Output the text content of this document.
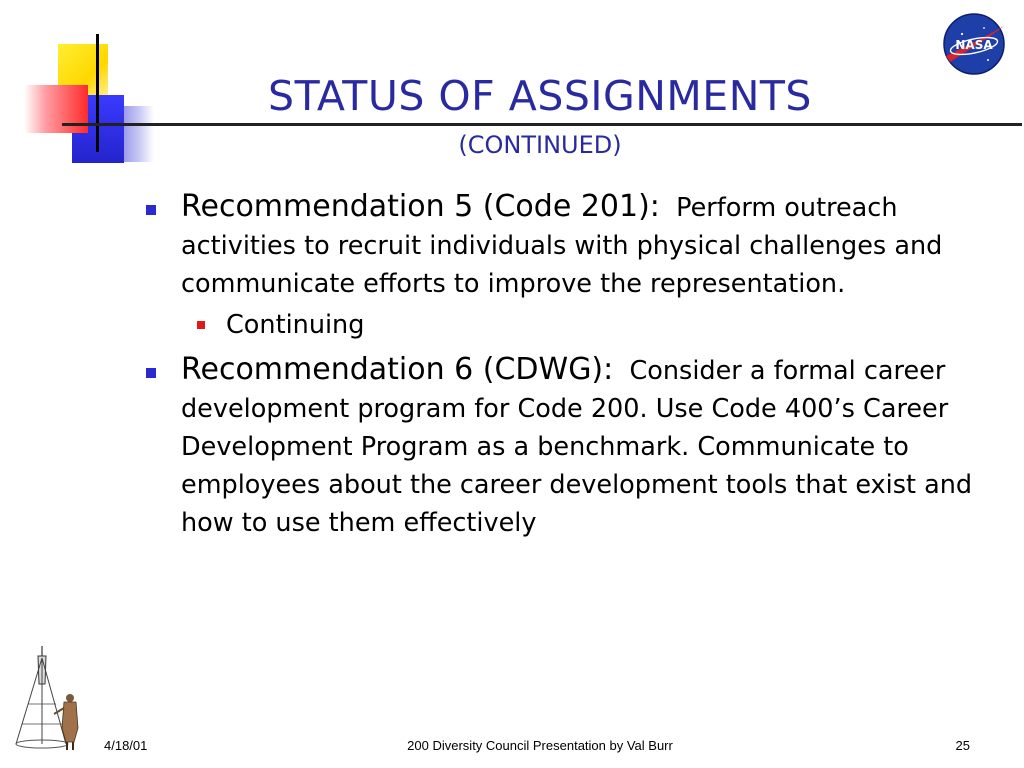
NASA
STATUS OF ASSIGNMENTS
(CONTINUED)
Recommendation 5 (Code 201): Perform outreach activities to recruit individuals with physical challenges and communicate efforts to improve the representation.
Continuing
Recommendation 6 (CDWG): Consider a formal career development program for Code 200. Use Code 400’s Career Development Program as a benchmark. Communicate to employees about the career development tools that exist and how to use them effectively
4/18/01	200 Diversity Council Presentation by Val Burr	25
